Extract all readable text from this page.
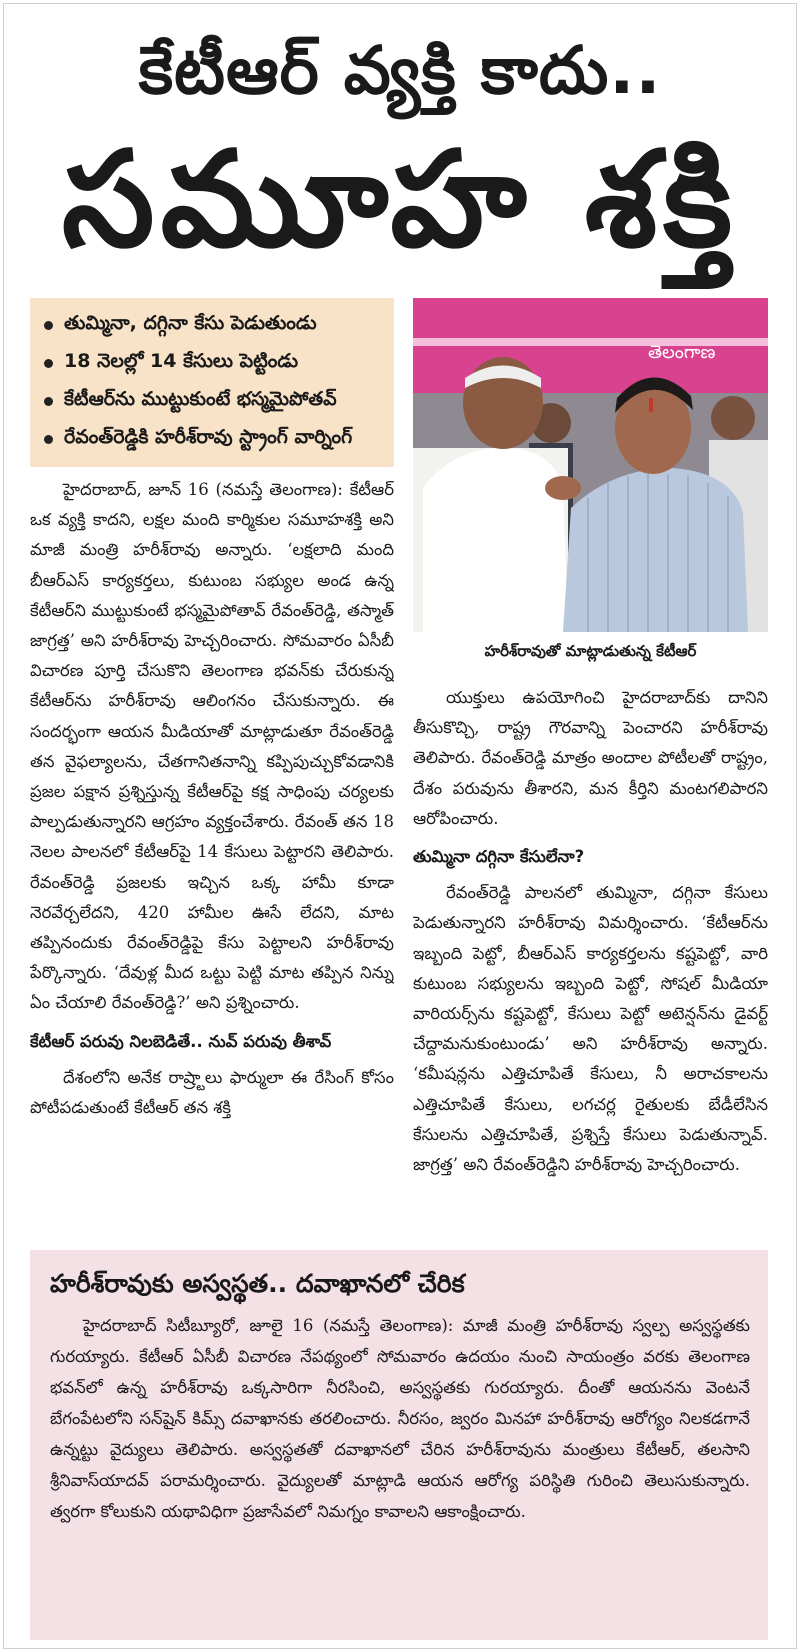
కేటీఆర్ వ్యక్తి కాదు..
సమూహ శక్తి
తుమ్మినా, దగ్గినా కేసు పెడుతుండు
18 నెలల్లో 14 కేసులు పెట్టిండు
కేటీఆర్‌ను ముట్టుకుంటే భస్మమైపోతవ్
రేవంత్‌రెడ్డికి హరీశ్‌రావు స్ట్రాంగ్ వార్నింగ్
తెలంగాణ
హరీశ్‌రావుతో మాట్లాడుతున్న కేటీఆర్

హైదరాబాద్, జూన్ 16 (నమస్తే తెలంగాణ): కేటీఆర్ ఒక వ్యక్తి కాదని, లక్షల మంది కార్మికుల సమూహశక్తి అని మాజీ మంత్రి హరీశ్‌రావు అన్నారు. ‘లక్షలాది మంది బీఆర్‌ఎస్ కార్యకర్తలు, కుటుంబ సభ్యుల అండ ఉన్న కేటీఆర్‌ని ముట్టుకుంటే భస్మమైపోతావ్ రేవంత్‌రెడ్డి, తస్మాత్ జాగ్రత్త’ అని హరీశ్‌రావు హెచ్చరించారు. సోమవారం ఏసీబీ విచారణ పూర్తి చేసుకొని తెలంగాణ భవన్‌కు చేరుకున్న కేటీఆర్‌ను హరీశ్‌రావు ఆలింగనం చేసుకున్నారు. ఈ సందర్భంగా ఆయన మీడియాతో మాట్లాడుతూ రేవంత్‌రెడ్డి తన వైఫల్యాలను, చేతగానితనాన్ని కప్పిపుచ్చుకోవడానికి ప్రజల పక్షాన ప్రశ్నిస్తున్న కేటీఆర్‌పై కక్ష సాధింపు చర్యలకు పాల్పడుతున్నారని ఆగ్రహం వ్యక్తంచేశారు. రేవంత్ తన 18 నెలల పాలనలో కేటీఆర్‌పై 14 కేసులు పెట్టారని తెలిపారు. రేవంత్‌రెడ్డి ప్రజలకు ఇచ్చిన ఒక్క హామీ కూడా నెరవేర్చలేదని, 420 హామీల ఊసే లేదని, మాట తప్పినందుకు రేవంత్‌రెడ్డిపై కేసు పెట్టాలని హరీశ్‌రావు పేర్కొన్నారు. ‘దేవుళ్ల మీద ఒట్టు పెట్టి మాట తప్పిన నిన్ను ఏం చేయాలి రేవంత్‌రెడ్డి?’ అని ప్రశ్నించారు.

కేటీఆర్ పరువు నిలబెడితే.. నువ్ పరువు తీశావ్

దేశంలోని అనేక రాష్ర్టాలు ఫార్ములా ఈ రేసింగ్ కోసం పోటీపడుతుంటే కేటీఆర్ తన శక్తి

యుక్తులు ఉపయోగించి హైదరాబాద్‌కు దానిని తీసుకొచ్చి, రాష్ట్ర గౌరవాన్ని పెంచారని హరీశ్‌రావు తెలిపారు. రేవంత్‌రెడ్డి మాత్రం అందాల పోటీలతో రాష్ట్రం, దేశం పరువును తీశారని, మన కీర్తిని మంటగలిపారని ఆరోపించారు.

తుమ్మినా దగ్గినా కేసులేనా?

రేవంత్‌రెడ్డి పాలనలో తుమ్మినా, దగ్గినా కేసులు పెడుతున్నారని హరీశ్‌రావు విమర్శించారు. ‘కేటీఆర్‌ను ఇబ్బంది పెట్టో, బీఆర్‌ఎస్ కార్యకర్తలను కష్టపెట్టో, వారి కుటుంబ సభ్యులను ఇబ్బంది పెట్టో, సోషల్ మీడియా వారియర్స్‌ను కష్టపెట్టో, కేసులు పెట్టో అటెన్షన్‌ను డైవర్ట్ చేద్దామనుకుంటుండు’ అని హరీశ్‌రావు అన్నారు. ‘కమీషన్లను ఎత్తిచూపితే కేసులు, నీ అరాచకాలను ఎత్తిచూపితే కేసులు, లగచర్ల రైతులకు బేడీలేసిన కేసులను ఎత్తిచూపితే, ప్రశ్నిస్తే కేసులు పెడుతున్నావ్. జాగ్రత్త’ అని రేవంత్‌రెడ్డిని హరీశ్‌రావు హెచ్చరించారు.

హరీశ్‌రావుకు అస్వస్థత.. దవాఖానలో చేరిక
హైదరాబాద్ సిటీబ్యూరో, జూలై 16 (నమస్తే తెలంగాణ): మాజీ మంత్రి హరీశ్‌రావు స్వల్ప అస్వస్థతకు గురయ్యారు. కేటీఆర్ ఏసీబీ విచారణ నేపథ్యంలో సోమవారం ఉదయం నుంచి సాయంత్రం వరకు తెలంగాణ భవన్‌లో ఉన్న హరీశ్‌రావు ఒక్కసారిగా నీరసించి, అస్వస్థతకు గురయ్యారు. దీంతో ఆయనను వెంటనే బేగంపేటలోని సన్‌షైన్ కిమ్స్ దవాఖానకు తరలించారు. నీరసం, జ్వరం మినహా హరీశ్‌రావు ఆరోగ్యం నిలకడగానే ఉన్నట్టు వైద్యులు తెలిపారు. అస్వస్థతతో దవాఖానలో చేరిన హరీశ్‌రావును మంత్రులు కేటీఆర్, తలసాని శ్రీనివాస్‌యాదవ్ పరామర్శించారు. వైద్యులతో మాట్లాడి ఆయన ఆరోగ్య పరిస్థితి గురించి తెలుసుకున్నారు. త్వరగా కోలుకుని యథావిధిగా ప్రజాసేవలో నిమగ్నం కావాలని ఆకాంక్షించారు.
